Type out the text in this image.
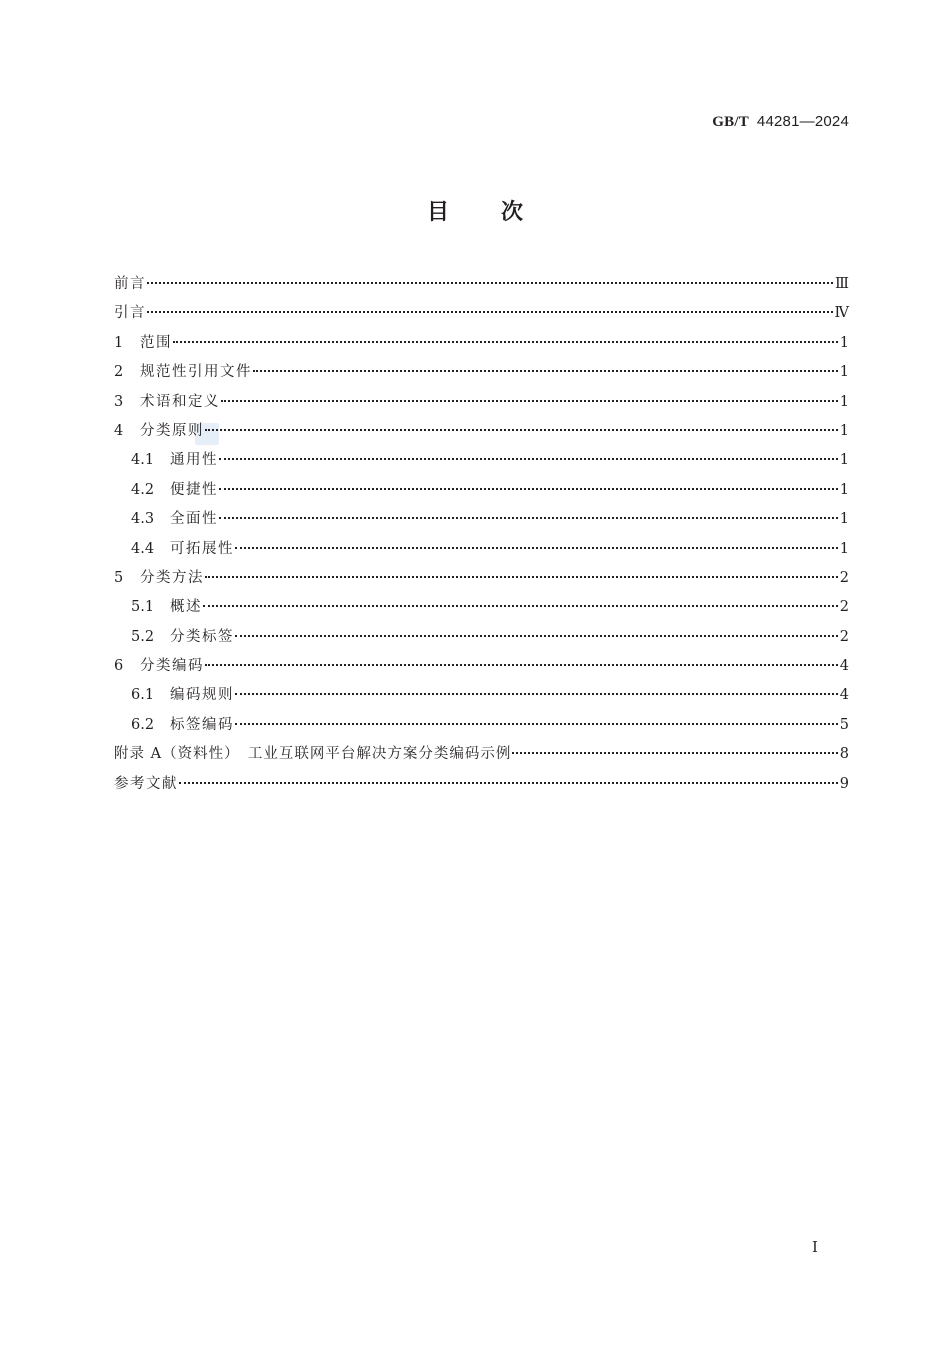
GB/T 44281—2024
目 次
前言	Ⅲ
引言	Ⅳ
1	范围	1
2	规范性引用文件	1
3	术语和定义	1
4	分类原则	1
4.1	通用性	1
4.2	便捷性	1
4.3	全面性	1
4.4	可拓展性	1
5	分类方法	2
5.1	概述	2
5.2	分类标签	2
6	分类编码	4
6.1	编码规则	4
6.2	标签编码	5
附录 A（资料性）　工业互联网平台解决方案分类编码示例	8
参考文献	9
I
